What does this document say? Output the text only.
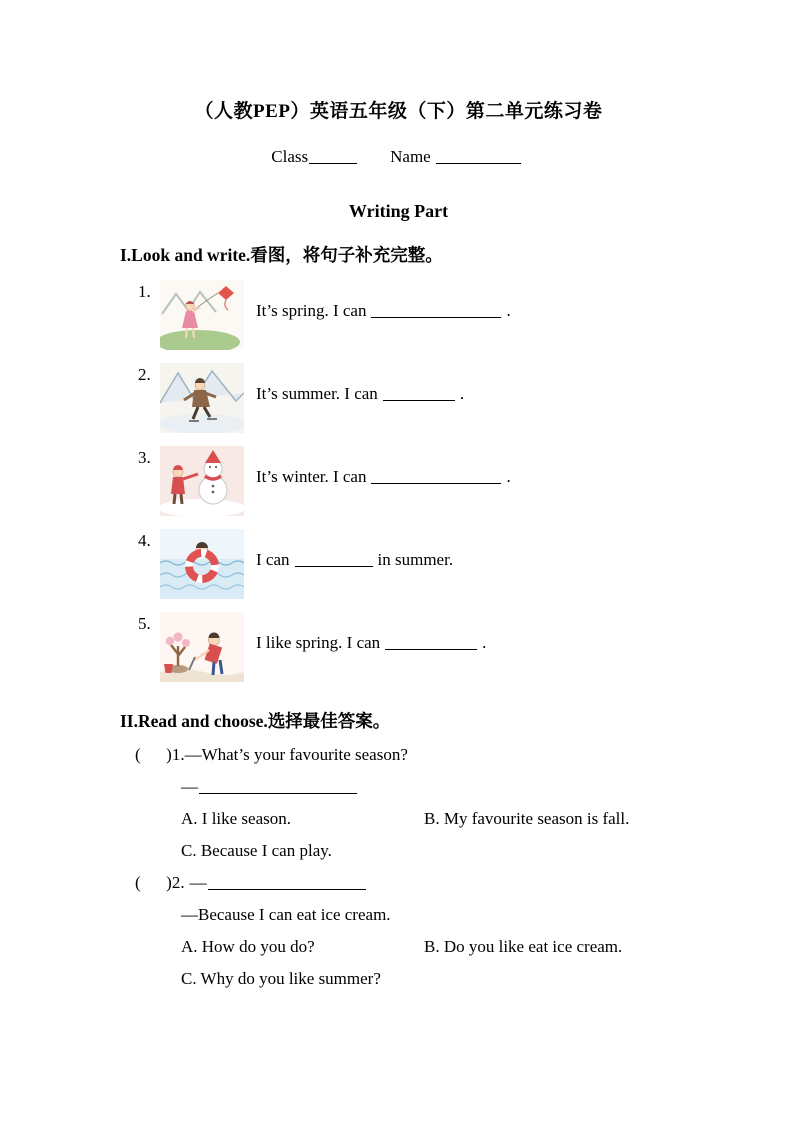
（人教PEP）英语五年级（下）第二单元练习卷
Class	Name
Writing Part
I.Look and write.看图，将句子补充完整。
1.
It’s spring. I can	.
2.
It’s summer. I can	.
3.
It’s winter. I can	.
4.
I can	in summer.
5.
I like spring. I can	.
II.Read and choose.选择最佳答案。
(      )1.—What’s your favourite season?
—
A. I like season.	B. My favourite season is fall.
C. Because I can play.
(      )2. —
—Because I can eat ice cream.
A. How do you do?	B. Do you like eat ice cream.
C. Why do you like summer?
